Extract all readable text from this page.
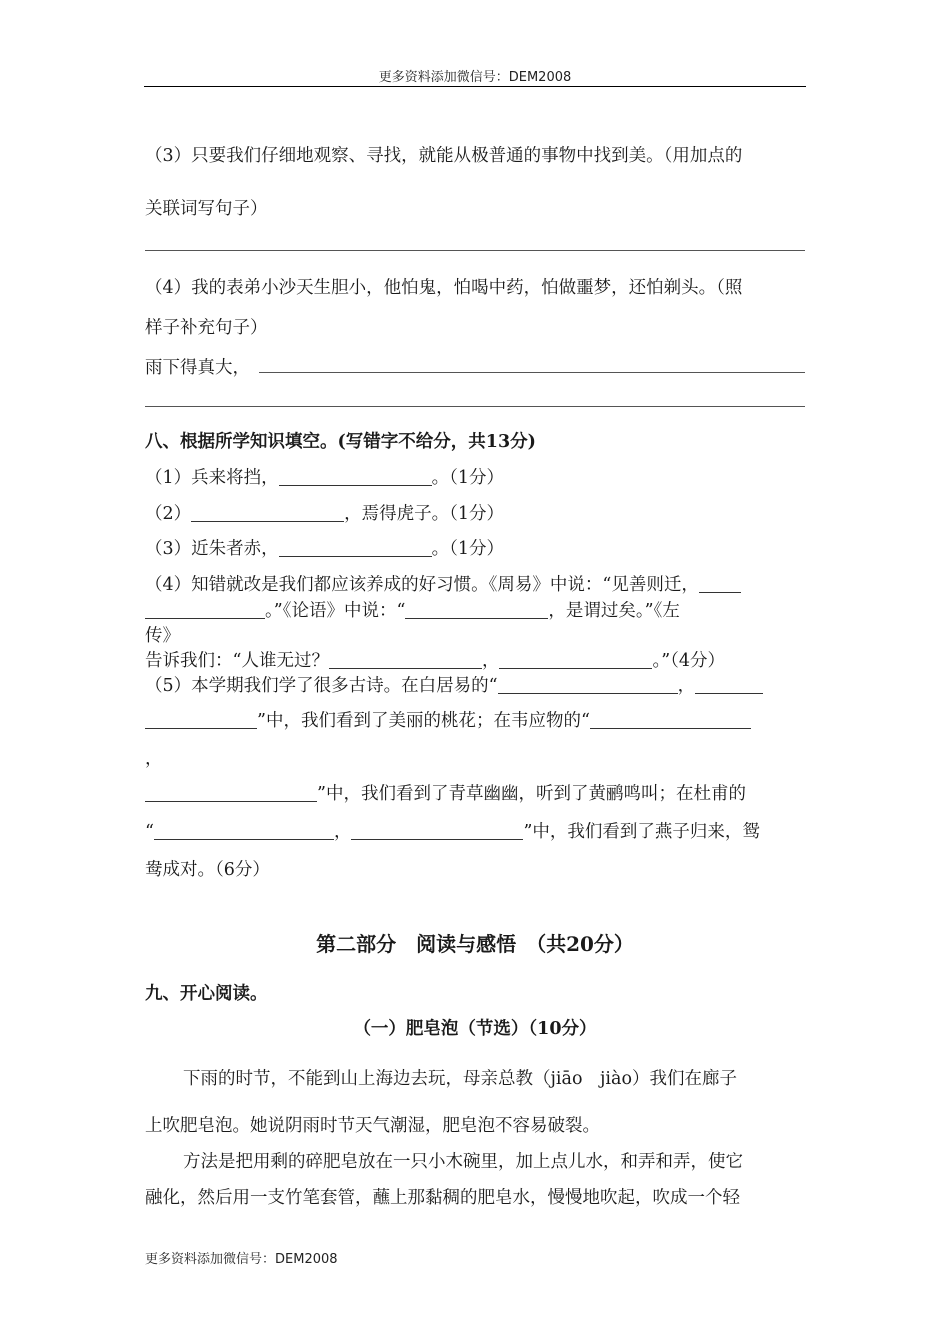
更多资料添加微信号：DEM2008
（3）只要我们仔细地观察、寻找，就能从极普通的事物中找到美。（用加点的
关联词写句子）
（4）我的表弟小沙天生胆小，他怕鬼，怕喝中药，怕做噩梦，还怕剃头。（照
样子补充句子）
雨下得真大，
八、根据所学知识填空。(写错字不给分，共13分)
（1）兵来将挡，	。（1分）
（2）	，焉得虎子。（1分）
（3）近朱者赤，	。（1分）
（4）知错就改是我们都应该养成的好习惯。《周易》中说：“见善则迁，
。”《论语》中说：“	，是谓过矣。”《左
传》
告诉我们：“人谁无过？	，	。”（4分）
（5）本学期我们学了很多古诗。在白居易的“	，
”中，我们看到了美丽的桃花；在韦应物的“
，
”中，我们看到了青草幽幽，听到了黄鹂鸣叫；在杜甫的
“	，	”中，我们看到了燕子归来，鸳
鸯成对。（6分）
第二部分　阅读与感悟　（共20分）
九、开心阅读。
（一）肥皂泡（节选）（10分）
下雨的时节，不能到山上海边去玩，母亲总教（jiāo　jiào）我们在廊子
上吹肥皂泡。她说阴雨时节天气潮湿，肥皂泡不容易破裂。
方法是把用剩的碎肥皂放在一只小木碗里，加上点儿水，和弄和弄，使它
融化，然后用一支竹笔套管，蘸上那黏稠的肥皂水，慢慢地吹起，吹成一个轻
更多资料添加微信号：DEM2008
